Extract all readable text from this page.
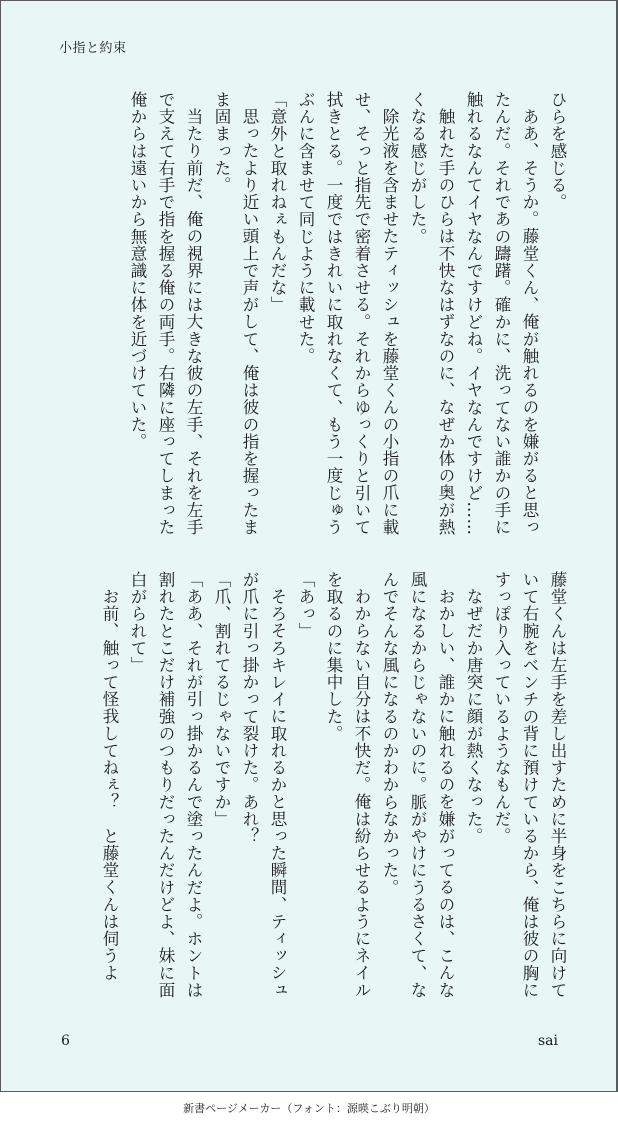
小指と約束

ひらを感じる。

ああ、そうか。藤堂くん、俺が触れるのを嫌がると思ったんだ。それであの躊躇。確かに、洗ってない誰かの手に触れるなんてイヤなんですけどね。イヤなんですけど……

触れた手のひらは不快なはずなのに、なぜか体の奥が熱くなる感じがした。

除光液を含ませたティッシュを藤堂くんの小指の爪に載せ、そっと指先で密着させる。それからゆっくりと引いて拭きとる。一度ではきれいに取れなくて、もう一度じゅうぶんに含ませて同じように載せた。

「意外と取れねぇもんだな」

思ったより近い頭上で声がして、俺は彼の指を握ったまま固まった。

当たり前だ、俺の視界には大きな彼の左手、それを左手で支えて右手で指を握る俺の両手。右隣に座ってしまった俺からは遠いから無意識に体を近づけていた。

藤堂くんは左手を差し出すために半身をこちらに向けていて右腕をベンチの背に預けているから、俺は彼の胸にすっぽり入っているようなもんだ。

なぜだか唐突に顔が熱くなった。

おかしい、誰かに触れるのを嫌がってるのは、こんな風になるからじゃないのに。脈がやけにうるさくて、なんでそんな風になるのかわからなかった。

わからない自分は不快だ。俺は紛らせるようにネイルを取るのに集中した。

「あっ」

そろそろキレイに取れるかと思った瞬間、ティッシュが爪に引っ掛かって裂けた。あれ？

「爪、割れてるじゃないですか」

「ああ、それが引っ掛かるんで塗ったんだよ。ホントは割れたとこだけ補強のつもりだったんだけどよ、妹に面白がられて」

お前、触って怪我してねぇ？　と藤堂くんは伺うよ

6	sai
新書ページメーカー（フォント：源暎こぶり明朝）
